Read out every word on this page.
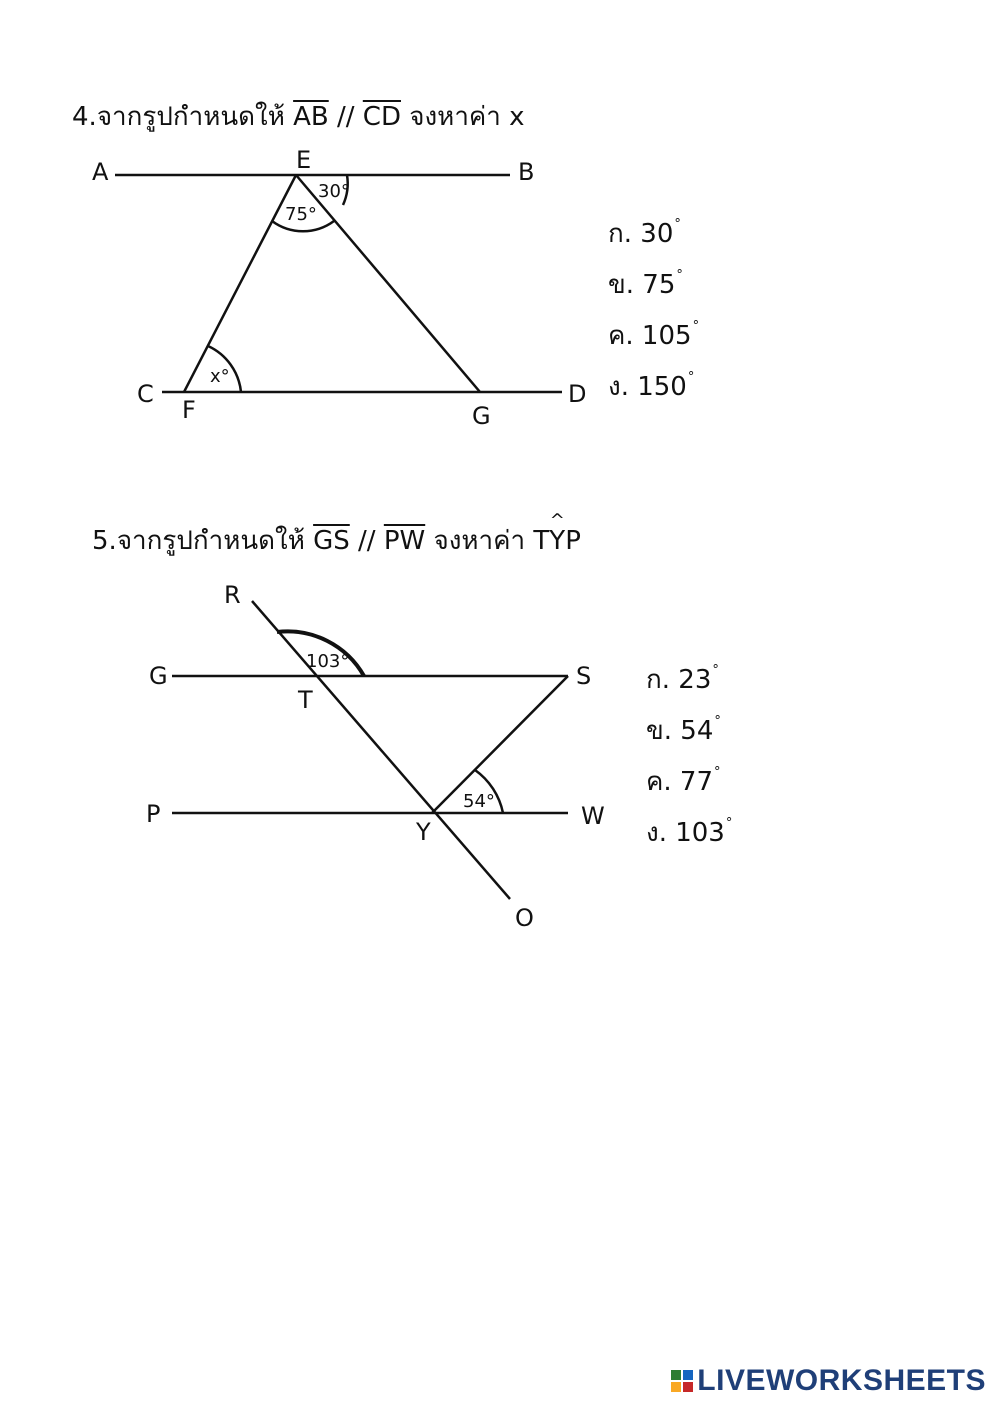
4.จากรูปกำหนดให้ $\overline{AB} // \overline{CD}$ จงหาค่า x
A	B
E
C
F	G
D
30°
75°
x°
ก. 30°
ข. 75°
ค. 105°
ง. 150°
5.จากรูปกำหนดให้ $\overline{GS} // \overline{PW}$ จงหาค่า T^ YP
R
G	S
T
P
Y
W
O
103°
54°
ก. 23°
ข. 54°
ค. 77°
ง. 103°
LIVEWORKSHEETS
